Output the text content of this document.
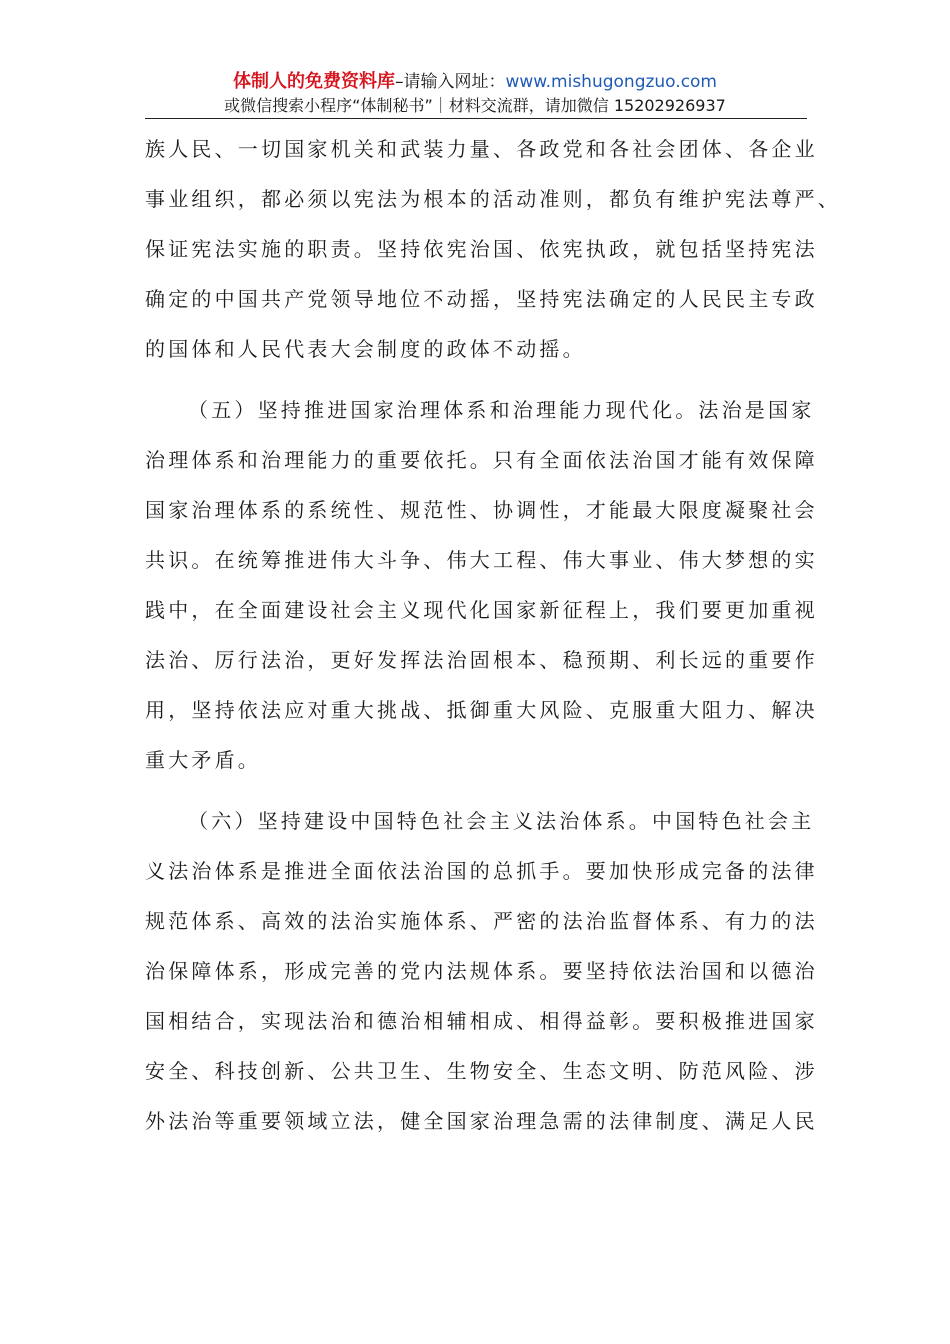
体制人的免费资料库–请输入网址：www.mishugongzuo.com
或微信搜索小程序“体制秘书”｜材料交流群，请加微信 15202926937
族人民、一切国家机关和武装力量、各政党和各社会团体、各企业
事业组织，都必须以宪法为根本的活动准则，都负有维护宪法尊严、
保证宪法实施的职责。坚持依宪治国、依宪执政，就包括坚持宪法
确定的中国共产党领导地位不动摇，坚持宪法确定的人民民主专政
的国体和人民代表大会制度的政体不动摇。
（五）坚持推进国家治理体系和治理能力现代化。法治是国家
治理体系和治理能力的重要依托。只有全面依法治国才能有效保障
国家治理体系的系统性、规范性、协调性，才能最大限度凝聚社会
共识。在统筹推进伟大斗争、伟大工程、伟大事业、伟大梦想的实
践中，在全面建设社会主义现代化国家新征程上，我们要更加重视
法治、厉行法治，更好发挥法治固根本、稳预期、利长远的重要作
用，坚持依法应对重大挑战、抵御重大风险、克服重大阻力、解决
重大矛盾。
（六）坚持建设中国特色社会主义法治体系。中国特色社会主
义法治体系是推进全面依法治国的总抓手。要加快形成完备的法律
规范体系、高效的法治实施体系、严密的法治监督体系、有力的法
治保障体系，形成完善的党内法规体系。要坚持依法治国和以德治
国相结合，实现法治和德治相辅相成、相得益彰。要积极推进国家
安全、科技创新、公共卫生、生物安全、生态文明、防范风险、涉
外法治等重要领域立法，健全国家治理急需的法律制度、满足人民
